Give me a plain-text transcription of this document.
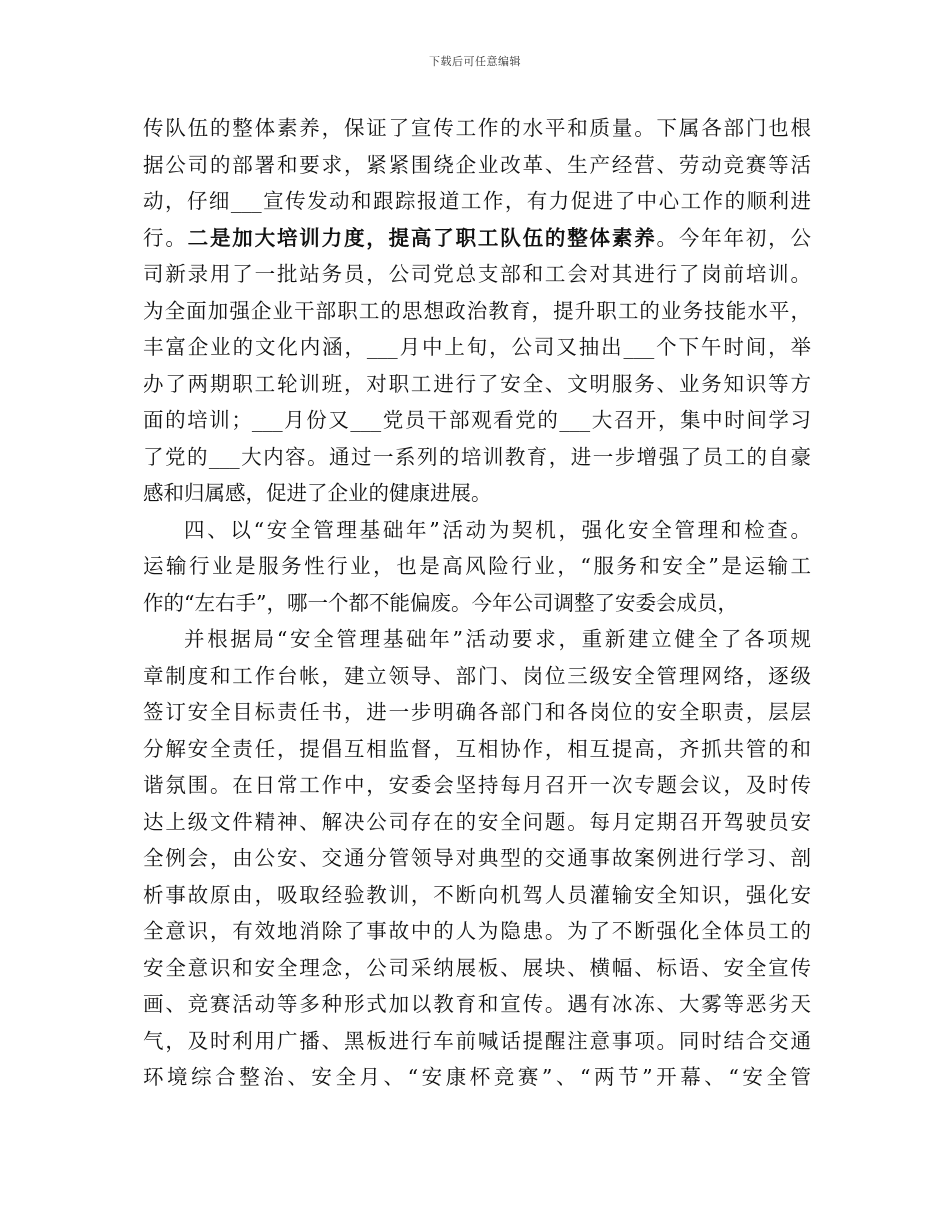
下载后可任意编辑
传队伍的整体素养，保证了宣传工作的水平和质量。下属各部门也根
据公司的部署和要求，紧紧围绕企业改革、生产经营、劳动竞赛等活
动，仔细___宣传发动和跟踪报道工作，有力促进了中心工作的顺利进
行。二是加大培训力度，提高了职工队伍的整体素养。今年年初，公
司新录用了一批站务员，公司党总支部和工会对其进行了岗前培训。
为全面加强企业干部职工的思想政治教育，提升职工的业务技能水平，
丰富企业的文化内涵，___月中上旬，公司又抽出___个下午时间，举
办了两期职工轮训班，对职工进行了安全、文明服务、业务知识等方
面的培训；___月份又___党员干部观看党的___大召开，集中时间学习
了党的___大内容。通过一系列的培训教育，进一步增强了员工的自豪
感和归属感，促进了企业的健康进展。
四、以“安全管理基础年”活动为契机，强化安全管理和检查。
运输行业是服务性行业，也是高风险行业，“服务和安全”是运输工
作的“左右手”，哪一个都不能偏废。今年公司调整了安委会成员，
并根据局“安全管理基础年”活动要求，重新建立健全了各项规
章制度和工作台帐，建立领导、部门、岗位三级安全管理网络，逐级
签订安全目标责任书，进一步明确各部门和各岗位的安全职责，层层
分解安全责任，提倡互相监督，互相协作，相互提高，齐抓共管的和
谐氛围。在日常工作中，安委会坚持每月召开一次专题会议，及时传
达上级文件精神、解决公司存在的安全问题。每月定期召开驾驶员安
全例会，由公安、交通分管领导对典型的交通事故案例进行学习、剖
析事故原由，吸取经验教训，不断向机驾人员灌输安全知识，强化安
全意识，有效地消除了事故中的人为隐患。为了不断强化全体员工的
安全意识和安全理念，公司采纳展板、展块、横幅、标语、安全宣传
画、竞赛活动等多种形式加以教育和宣传。遇有冰冻、大雾等恶劣天
气，及时利用广播、黑板进行车前喊话提醒注意事项。同时结合交通
环境综合整治、安全月、“安康杯竞赛”、“两节”开幕、“安全管
